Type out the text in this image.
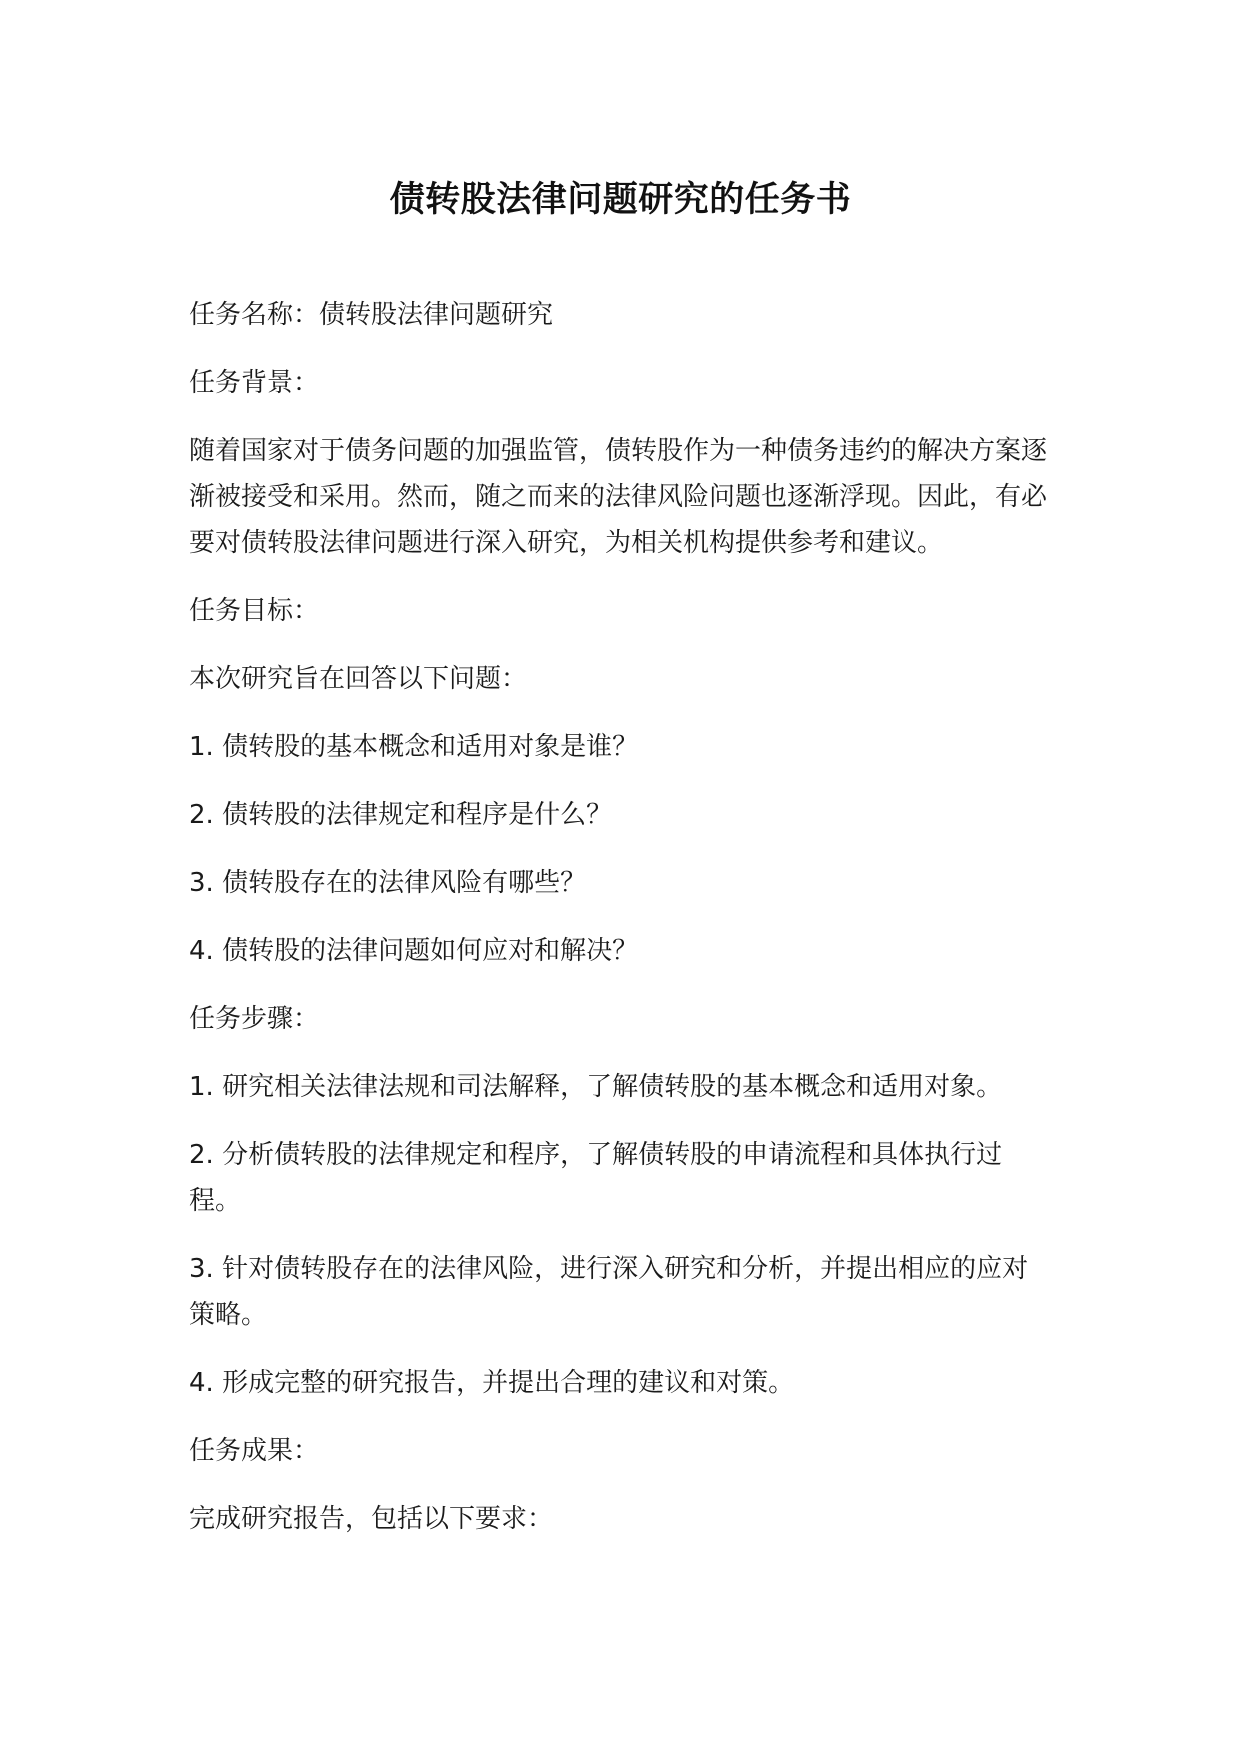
债转股法律问题研究的任务书

任务名称：债转股法律问题研究

任务背景：

随着国家对于债务问题的加强监管，债转股作为一种债务违约的解决方案逐渐被接受和采用。然而，随之而来的法律风险问题也逐渐浮现。因此，有必要对债转股法律问题进行深入研究，为相关机构提供参考和建议。

任务目标：

本次研究旨在回答以下问题：

1. 债转股的基本概念和适用对象是谁？

2. 债转股的法律规定和程序是什么？

3. 债转股存在的法律风险有哪些？

4. 债转股的法律问题如何应对和解决？

任务步骤：

1. 研究相关法律法规和司法解释，了解债转股的基本概念和适用对象。

2. 分析债转股的法律规定和程序，了解债转股的申请流程和具体执行过程。

3. 针对债转股存在的法律风险，进行深入研究和分析，并提出相应的应对策略。

4. 形成完整的研究报告，并提出合理的建议和对策。

任务成果：

完成研究报告，包括以下要求：
